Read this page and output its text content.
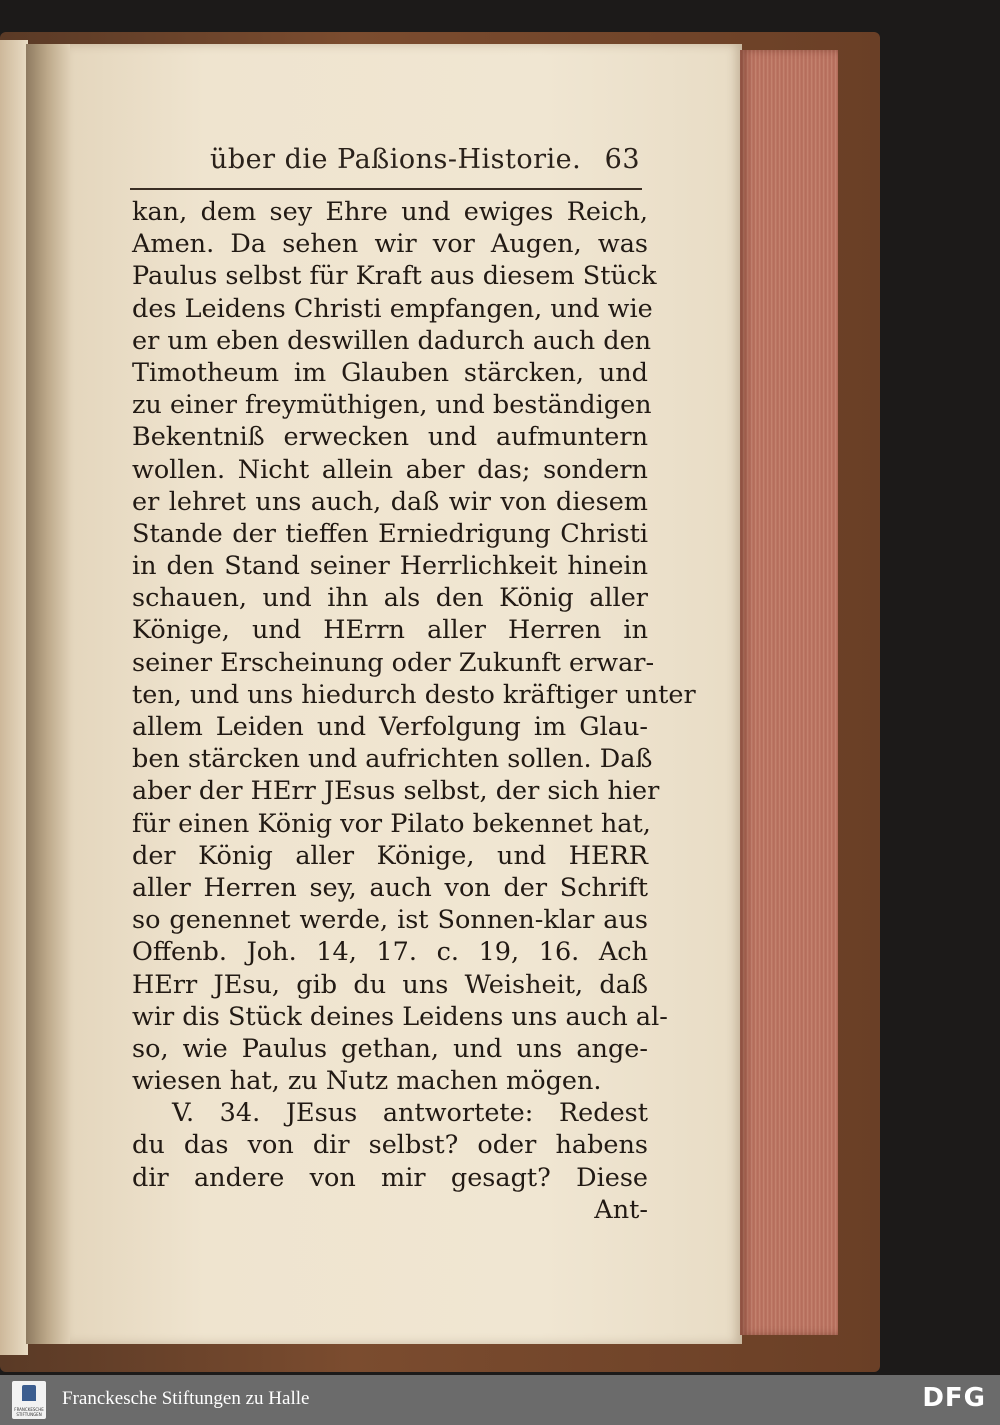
über die Paßions-Historie. 63
kan, dem sey Ehre und ewiges Reich,
Amen. Da sehen wir vor Augen, was
Paulus selbst für Kraft aus diesem Stück
des Leidens Christi empfangen, und wie
er um eben deswillen dadurch auch den
Timotheum im Glauben stärcken, und
zu einer freymüthigen, und beständigen
Bekentniß erwecken und aufmuntern
wollen. Nicht allein aber das; sondern
er lehret uns auch, daß wir von diesem
Stande der tieffen Erniedrigung Christi
in den Stand seiner Herrlichkeit hinein
schauen, und ihn als den König aller
Könige, und HErrn aller Herren in
seiner Erscheinung oder Zukunft erwar-
ten, und uns hiedurch desto kräftiger unter
allem Leiden und Verfolgung im Glau-
ben stärcken und aufrichten sollen. Daß
aber der HErr JEsus selbst, der sich hier
für einen König vor Pilato bekennet hat,
der König aller Könige, und HERR
aller Herren sey, auch von der Schrift
so genennet werde, ist Sonnen-klar aus
Offenb. Joh. 14, 17. c. 19, 16. Ach
HErr JEsu, gib du uns Weisheit, daß
wir dis Stück deines Leidens uns auch al-
so, wie Paulus gethan, und uns ange-
wiesen hat, zu Nutz machen mögen.
V. 34. JEsus antwortete: Redest
du das von dir selbst? oder habens
dir andere von mir gesagt? Diese
Ant-
FRANCKESCHE STIFTUNGEN
Franckesche Stiftungen zu Halle	DFG
